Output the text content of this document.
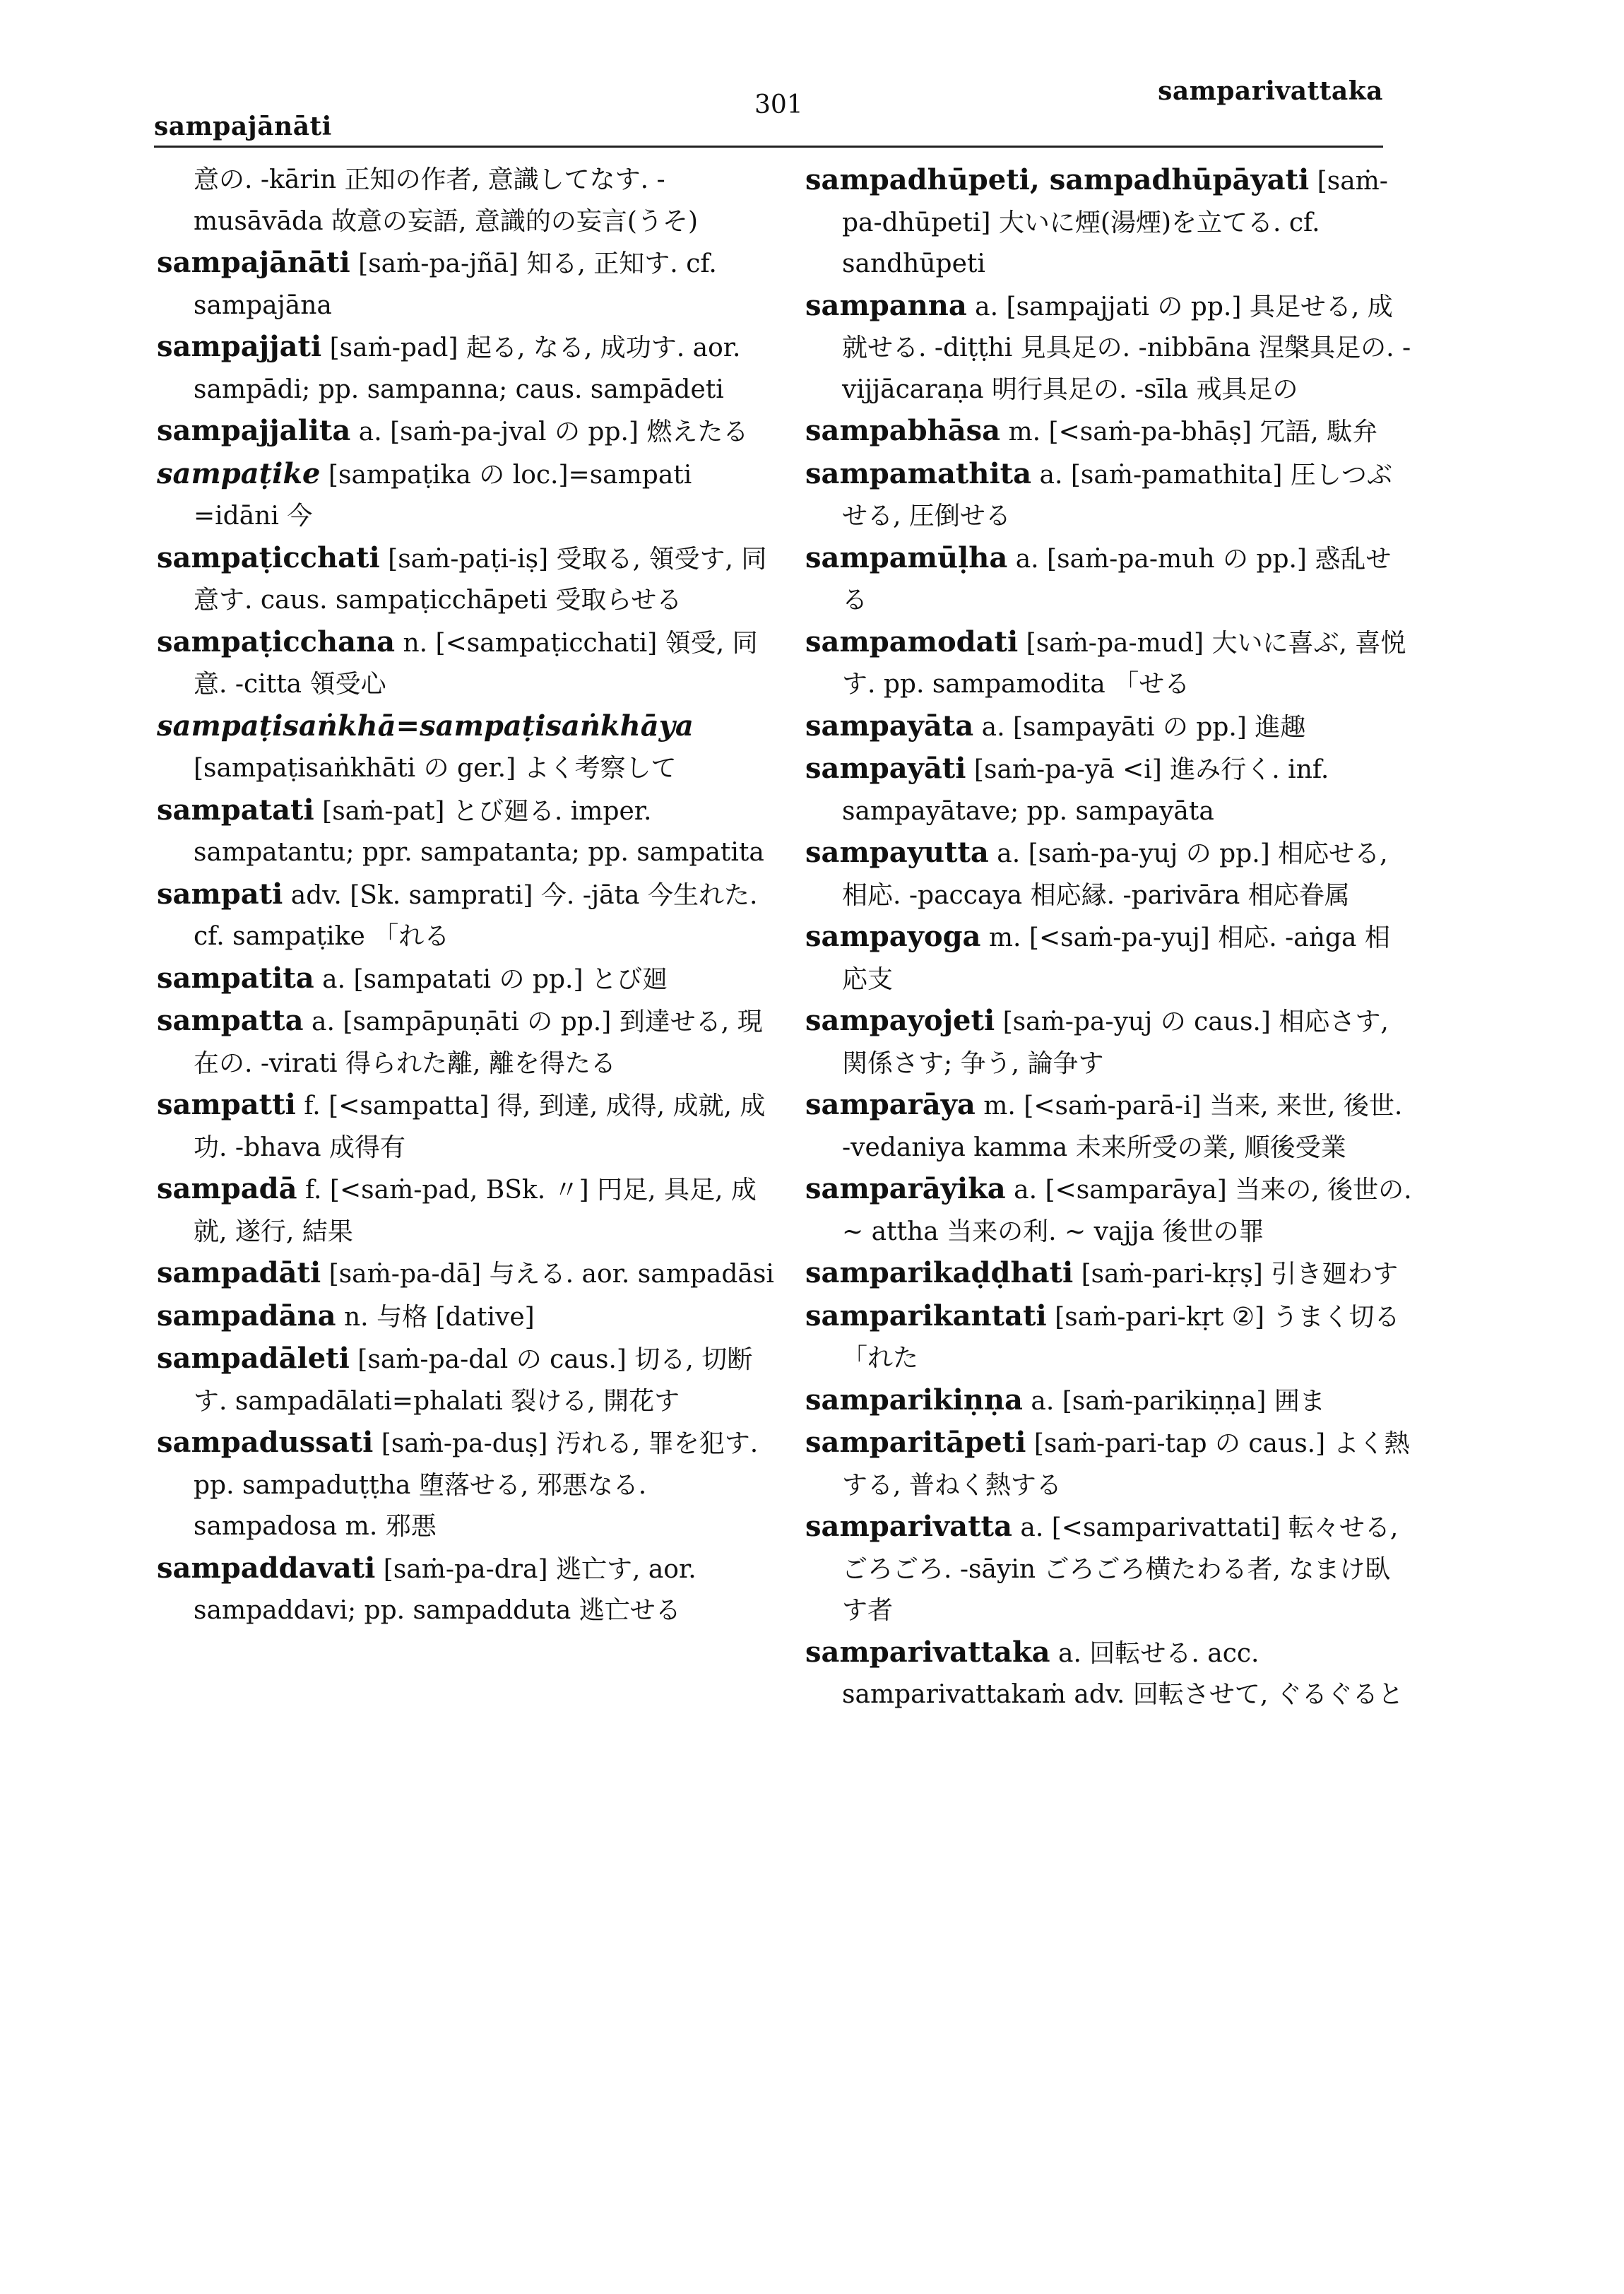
sampajānāti
301	samparivattaka
意の. -kārin 正知の作者, 意識してなす. -musāvāda 故意の妄語, 意識的の妄言(うそ)
sampajānāti [saṁ-pa-jñā] 知る, 正知す. cf. sampajāna
sampajjati [saṁ-pad] 起る, なる, 成功す. aor. sampādi; pp. sampanna; caus. sampādeti
sampajjalita a. [saṁ-pa-jval の pp.] 燃えたる
sampaṭike [sampaṭika の loc.]=sampati =idāni 今
sampaṭicchati [saṁ-paṭi-iṣ] 受取る, 領受す, 同意す. caus. sampaṭicchāpeti 受取らせる
sampaṭicchana n. [<sampaṭicchati] 領受, 同意. -citta 領受心
sampaṭisaṅkhā=sampaṭisaṅkhāya [sampaṭisaṅkhāti の ger.] よく考察して
sampatati [saṁ-pat] とび廻る. imper. sampatantu; ppr. sampatanta; pp. sampatita
sampati adv. [Sk. samprati] 今. -jāta 今生れた. cf. sampaṭike 「れる
sampatita a. [sampatati の pp.] とび廻
sampatta a. [sampāpuṇāti の pp.] 到達せる, 現在の. -virati 得られた離, 離を得たる
sampatti f. [<sampatta] 得, 到達, 成得, 成就, 成功. -bhava 成得有
sampadā f. [<saṁ-pad, BSk. 〃] 円足, 具足, 成就, 遂行, 結果
sampadāti [saṁ-pa-dā] 与える. aor. sampadāsi
sampadāna n. 与格 [dative]
sampadāleti [saṁ-pa-dal の caus.] 切る, 切断す. sampadālati=phalati 裂ける, 開花す
sampadussati [saṁ-pa-duṣ] 汚れる, 罪を犯す. pp. sampaduṭṭha 堕落せる, 邪悪なる. sampadosa m. 邪悪
sampaddavati [saṁ-pa-dra] 逃亡す, aor. sampaddavi; pp. sampadduta 逃亡せる
sampadhūpeti, sampadhūpāyati [saṁ-pa-dhūpeti] 大いに煙(湯煙)を立てる. cf. sandhūpeti
sampanna a. [sampajjati の pp.] 具足せる, 成就せる. -diṭṭhi 見具足の. -nibbāna 涅槃具足の. -vijjācaraṇa 明行具足の. -sīla 戒具足の
sampabhāsa m. [<saṁ-pa-bhāṣ] 冗語, 駄弁
sampamathita a. [saṁ-pamathita] 圧しつぶせる, 圧倒せる
sampamūḷha a. [saṁ-pa-muh の pp.] 惑乱せる
sampamodati [saṁ-pa-mud] 大いに喜ぶ, 喜悦す. pp. sampamodita 「せる
sampayāta a. [sampayāti の pp.] 進趣
sampayāti [saṁ-pa-yā <i] 進み行く. inf. sampayātave; pp. sampayāta
sampayutta a. [saṁ-pa-yuj の pp.] 相応せる, 相応. -paccaya 相応縁. -parivāra 相応眷属
sampayoga m. [<saṁ-pa-yuj] 相応. -aṅga 相応支
sampayojeti [saṁ-pa-yuj の caus.] 相応さす, 関係さす; 争う, 論争す
samparāya m. [<saṁ-parā-i] 当来, 来世, 後世. -vedaniya kamma 未来所受の業, 順後受業
samparāyika a. [<samparāya] 当来の, 後世の. ~ attha 当来の利. ~ vajja 後世の罪
samparikaḍḍhati [saṁ-pari-kṛṣ] 引き廻わす
samparikantati [saṁ-pari-kṛt ②] うまく切る 「れた
samparikiṇṇa a. [saṁ-parikiṇṇa] 囲ま
samparitāpeti [saṁ-pari-tap の caus.] よく熱する, 普ねく熱する
samparivatta a. [<samparivattati] 転々せる, ごろごろ. -sāyin ごろごろ横たわる者, なまけ臥す者
samparivattaka a. 回転せる. acc. samparivattakaṁ adv. 回転させて, ぐるぐると
